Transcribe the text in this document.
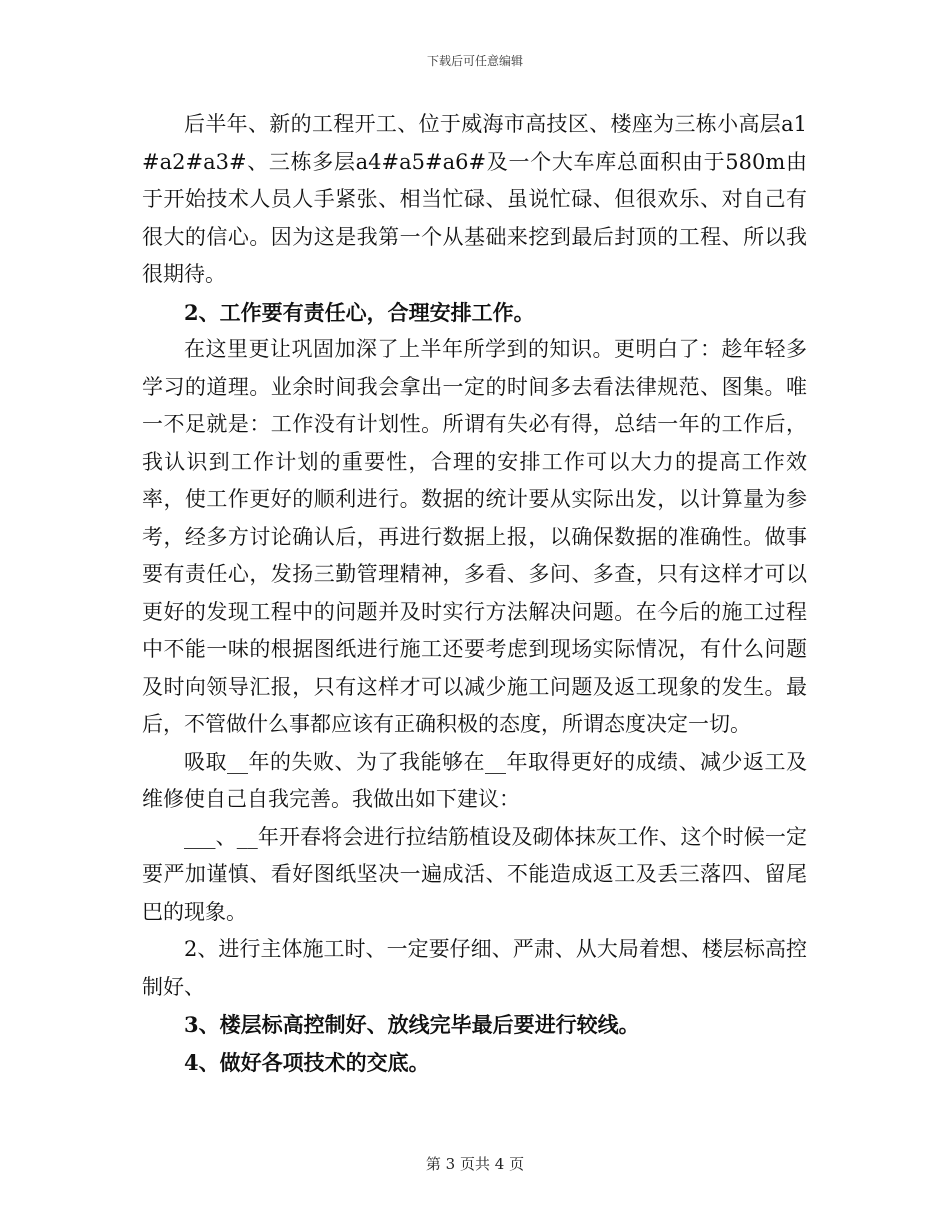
下载后可任意编辑

后半年、新的工程开工、位于威海市高技区、楼座为三栋小高层a1#a2#a3#、三栋多层a4#a5#a6#及一个大车库总面积由于580m由于开始技术人员人手紧张、相当忙碌、虽说忙碌、但很欢乐、对自己有很大的信心。因为这是我第一个从基础来挖到最后封顶的工程、所以我很期待。

2、工作要有责任心，合理安排工作。

在这里更让巩固加深了上半年所学到的知识。更明白了：趁年轻多学习的道理。业余时间我会拿出一定的时间多去看法律规范、图集。唯一不足就是：工作没有计划性。所谓有失必有得，总结一年的工作后，我认识到工作计划的重要性，合理的安排工作可以大力的提高工作效率，使工作更好的顺利进行。数据的统计要从实际出发，以计算量为参考，经多方讨论确认后，再进行数据上报，以确保数据的准确性。做事要有责任心，发扬三勤管理精神，多看、多问、多查，只有这样才可以更好的发现工程中的问题并及时实行方法解决问题。在今后的施工过程中不能一味的根据图纸进行施工还要考虑到现场实际情况，有什么问题及时向领导汇报，只有这样才可以减少施工问题及返工现象的发生。最后，不管做什么事都应该有正确积极的态度，所谓态度决定一切。

吸取__年的失败、为了我能够在__年取得更好的成绩、减少返工及维修使自己自我完善。我做出如下建议：

___、__年开春将会进行拉结筋植设及砌体抹灰工作、这个时候一定要严加谨慎、看好图纸坚决一遍成活、不能造成返工及丢三落四、留尾巴的现象。

2、进行主体施工时、一定要仔细、严肃、从大局着想、楼层标高控制好、

3、楼层标高控制好、放线完毕最后要进行较线。

4、做好各项技术的交底。

第 3 页共 4 页
